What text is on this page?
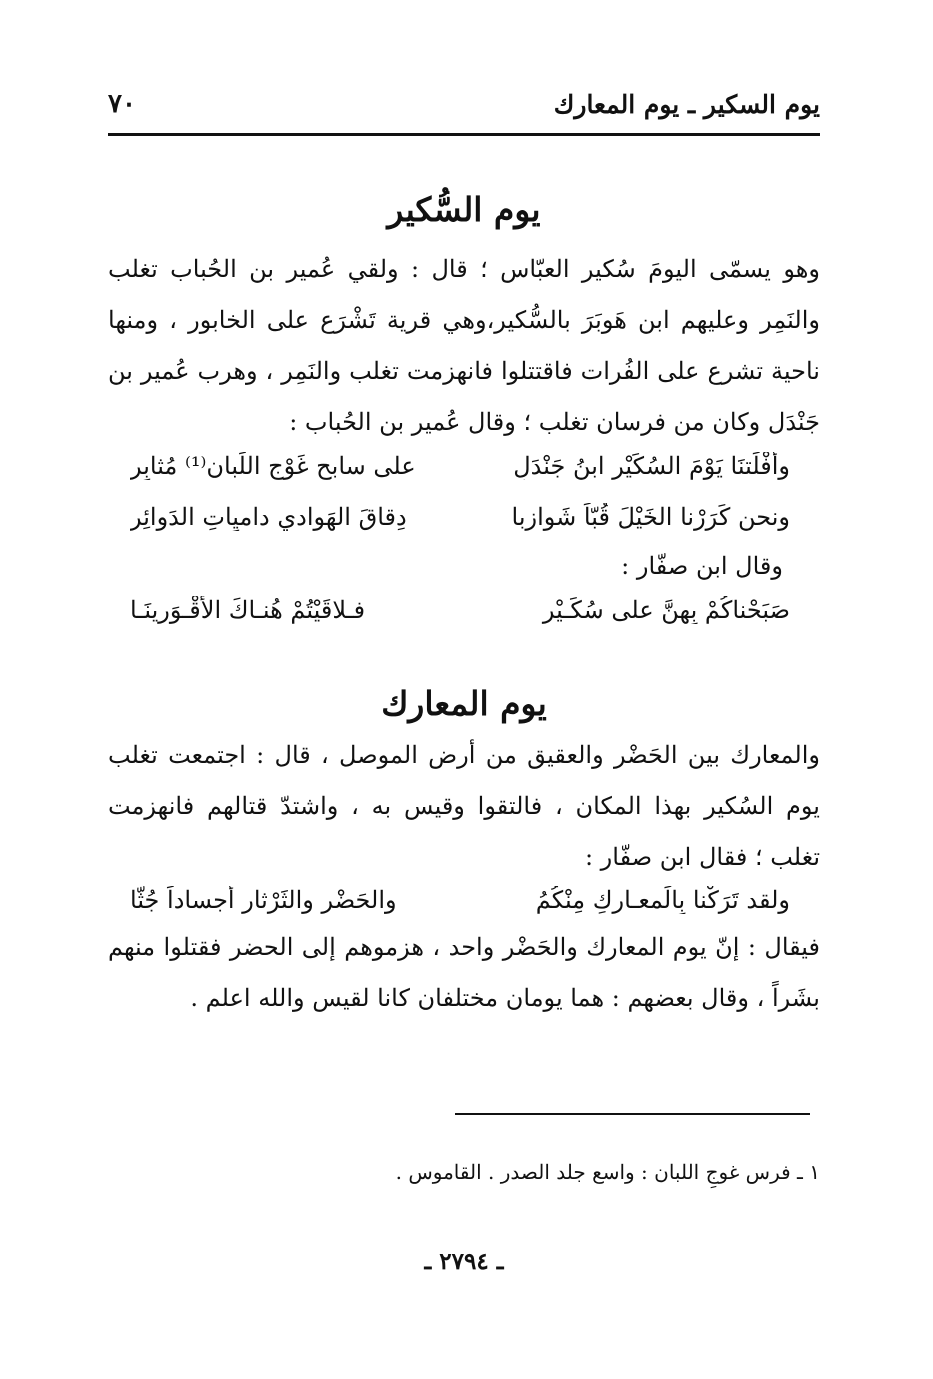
٧٠	يوم السكير ـ يوم المعارك
يوم السُّكير

وهو يسمّى اليومَ سُكير العبّاس ؛ قال : ولقي عُمير بن الحُباب تغلب والنَمِر وعليهم ابن هَوبَرَ بالسُّكير،وهي قرية تَشْرَع على الخابور ، ومنها ناحية تشرع على الفُرات فاقتتلوا فانهزمت تغلب والنَمِر ، وهرب عُمير بن جَنْدَل وكان من فرسان تغلب ؛ وقال عُمير بن الحُباب :

وأفْلَتنَا يَوْمَ السُكَيْرِ ابنُ جَنْدَلٍ
على سابحٍ غَوْجِ اللَبانِ⁽¹⁾ مُثابِرِ
ونحن كَرَرْنا الخَيْلَ قُبّاً شَوازِبا
دِقاقَ الهَوادي داميِاتِ الدَوائِرِ
وقال ابن صفّار :
صَبَحْناكُمْ بِهِنَّ على سُكَـيْرٍ
فـلاقَيْتُمْ هُنـاكَ الأَقْـوَرينَـا
يوم المعارك

والمعارك بين الحَضْر والعقيق من أرض الموصل ، قال : اجتمعت تغلب يوم السُكير بهذا المكان ، فالتقوا وقيس به ، واشتدّ قتالهم فانهزمت تغلب ؛ فقال ابن صفّار :

ولقد تَرَكْنا بِالَمعـارِكِ مِنْكُمُ
والحَضْرِ والثَرْثارِ أجساداً جُثّا

فيقال : إنّ يوم المعارك والحَضْر واحد ، هزموهم إلى الحضر فقتلوا منهم بشَراً ، وقال بعضهم : هما يومان مختلفان كانا لقيس والله اعلم .

١ ـ فرس غوجِ اللبان : واسع جلد الصدر . القاموس .
ـ ٢٧٩٤ ـ
